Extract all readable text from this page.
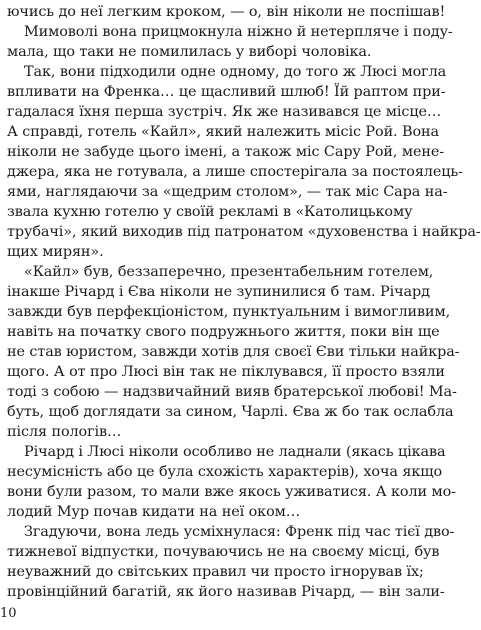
ючись до неї легким кроком, — о, він ніколи не поспішав!
Мимоволі вона прицмокнула ніжно й нетерпляче і поду-
мала, що таки не помилилась у виборі чоловіка.
Так, вони підходили одне одному, до того ж Люсі могла
впливати на Френка… це щасливий шлюб! Їй раптом при-
гадалася їхня перша зустріч. Як же називався це місце…
А справді, готель «Кайл», який належить місіс Рой. Вона
ніколи не забуде цього імені, а також міс Сару Рой, мене-
джера, яка не готувала, а лише спостерігала за постоялець-
ями, наглядаючи за «щедрим столом», — так міс Сара на-
звала кухню готелю у своїй рекламі в «Католицькому
трубачі», який виходив під патронатом «духовенства і найкра-
щих мирян».
«Кайл» був, беззаперечно, презентабельним готелем,
інакше Річард і Єва ніколи не зупинилися б там. Річард
завжди був перфекціоністом, пунктуальним і вимогливим,
навіть на початку свого подружнього життя, поки він ще
не став юристом, завжди хотів для своєї Єви тільки найкра-
щого. А от про Люсі він так не піклувався, її просто взяли
тоді з собою — надзвичайний вияв братерської любові! Ма-
буть, щоб доглядати за сином, Чарлі. Єва ж бо так ослабла
після пологів…
Річард і Люсі ніколи особливо не ладнали (якась цікава
несумісність або це була схожість характерів), хоча якщо
вони були разом, то мали вже якось уживатися. А коли мо-
лодий Мур почав кидати на неї оком…
Згадуючи, вона ледь усміхнулася: Френк під час тієї дво-
тижневої відпустки, почуваючись не на своєму місці, був
неуважний до світських правил чи просто ігнорував їх;
провінційний багатій, як його називав Річард, — він зали-
10
